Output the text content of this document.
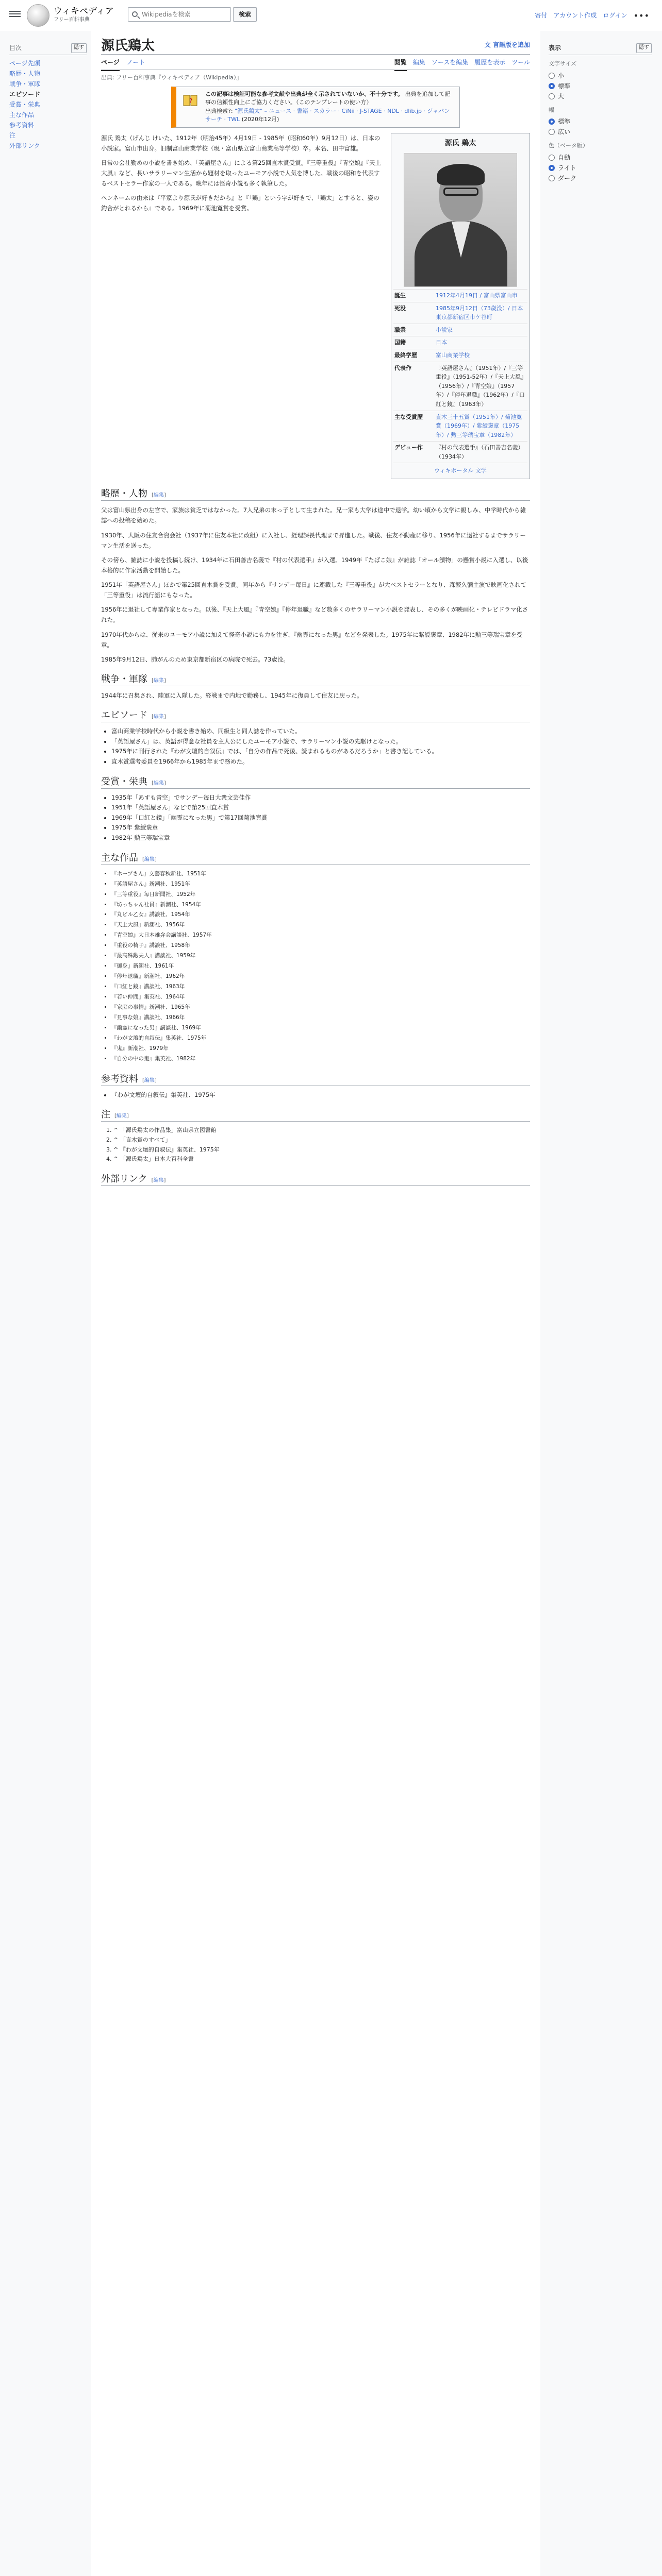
ウィキペディア
フリー百科事典
Wikipediaを検索
検索	寄付 アカウント作成 ログイン •••
目次	隠す
ページ先頭
略歴・人物
戦争・軍隊
エピソード
受賞・栄典
主な作品
参考資料
注
外部リンク
源氏鶏太	文 言語版を追加
ページ ノート	閲覧 編集 ソースを編集 履歴を表示 ツール
出典: フリー百科事典『ウィキペディア（Wikipedia）』
?
この記事は検証可能な参考文献や出典が全く示されていないか、不十分です。 出典を追加して記事の信頼性向上にご協力ください。（このテンプレートの使い方）
出典検索?: "源氏鶏太" – ニュース · 書籍 · スカラー · CiNii · J-STAGE · NDL · dlib.jp · ジャパンサーチ · TWL (2020年12月)

源氏 鶏太（げんじ けいた、1912年（明治45年）4月19日 - 1985年（昭和60年）9月12日）は、日本の小説家。富山市出身。旧制富山商業学校（現・富山県立富山商業高等学校）卒。本名、田中富雄。

日常の会社勤めの小説を書き始め、「英語屋さん」による第25回直木賞受賞。『三等重役』『青空娘』『天上大風』など、長いサラリーマン生活から題材を取ったユーモア小説で人気を博した。戦後の昭和を代表するベストセラー作家の一人である。晩年には怪奇小説も多く執筆した。

ペンネームの由来は『平家より源氏が好きだから』と『「鶏」という字が好きで、「鶏太」とすると、姿の釣合がとれるから』である。1969年に菊池寛賞を受賞。

源氏 鶏太
誕生	1912年4月19日 / 富山県富山市
死没	1985年9月12日（73歳没）/ 日本 東京都新宿区市ケ谷町
職業	小説家
国籍	日本
最終学歴	富山商業学校
代表作	『英語屋さん』（1951年）/『三等重役』（1951-52年）/『天上大風』（1956年）/『青空娘』（1957年）/『停年退職』（1962年）/『口紅と鏡』（1963年）
主な受賞歴	直木三十五賞（1951年）/ 菊池寛賞（1969年）/ 紫綬褒章（1975年）/ 勲三等瑞宝章（1982年）
デビュー作	『村の代表選手』（石田善吉名義）（1934年）
ウィキポータル 文学
略歴・人物 [編集]

父は富山県出身の左官で、家族は貧乏ではなかった。7人兄弟の末っ子として生まれた。兄一家も大学は途中で退学。幼い頃から文学に親しみ、中学時代から雑誌への投稿を始めた。

1930年、大阪の住友合資会社（1937年に住友本社に改組）に入社し、経理課長代理まで昇進した。戦後、住友不動産に移り、1956年に退社するまでサラリーマン生活を送った。

その傍ら、雑誌に小説を投稿し続け、1934年に石田善吉名義で『村の代表選手』が入選。1949年『たばこ娘』が雑誌「オール讀物」の懸賞小説に入選し、以後本格的に作家活動を開始した。

1951年「英語屋さん」ほかで第25回直木賞を受賞。同年から『サンデー毎日』に連載した『三等重役』が大ベストセラーとなり、森繁久彌主演で映画化されて「三等重役」は流行語にもなった。

1956年に退社して専業作家となった。以後、『天上大風』『青空娘』『停年退職』など数多くのサラリーマン小説を発表し、その多くが映画化・テレビドラマ化された。

1970年代からは、従来のユーモア小説に加えて怪奇小説にも力を注ぎ、『幽霊になった男』などを発表した。1975年に紫綬褒章、1982年に勲三等瑞宝章を受章。

1985年9月12日、肺がんのため東京都新宿区の病院で死去。73歳没。

戦争・軍隊 [編集]

1944年に召集され、陸軍に入隊した。終戦まで内地で勤務し、1945年に復員して住友に戻った。

エピソード [編集]
• 富山商業学校時代から小説を書き始め、同級生と同人誌を作っていた。
• 「英語屋さん」は、英語が得意な社員を主人公にしたユーモア小説で、サラリーマン小説の先駆けとなった。
• 1975年に刊行された『わが文壇的自叙伝』では、「自分の作品で死後、読まれるものがあるだろうか」と書き記している。
• 直木賞選考委員を1966年から1985年まで務めた。
受賞・栄典 [編集]
• 1935年「あすも青空」でサンデー毎日大衆文芸佳作
• 1951年「英語屋さん」などで第25回直木賞
• 1969年「口紅と鏡」「幽霊になった男」で第17回菊池寛賞
• 1975年 紫綬褒章
• 1982年 勲三等瑞宝章
主な作品 [編集]
• 『ホープさん』文藝春秋新社、1951年
• 『英語屋さん』新潮社、1951年
• 『三等重役』毎日新聞社、1952年
• 『坊っちゃん社員』新潮社、1954年
• 『丸ビル乙女』講談社、1954年
• 『天上大風』新潮社、1956年
• 『青空娘』大日本雄弁会講談社、1957年
• 『重役の椅子』講談社、1958年
• 『最高殊勲夫人』講談社、1959年
• 『御身』新潮社、1961年
• 『停年退職』新潮社、1962年
• 『口紅と鏡』講談社、1963年
• 『若い仲間』集英社、1964年
• 『家庭の事情』新潮社、1965年
• 『見事な娘』講談社、1966年
• 『幽霊になった男』講談社、1969年
• 『わが文壇的自叙伝』集英社、1975年
• 『鬼』新潮社、1979年
• 『自分の中の鬼』集英社、1982年
参考資料 [編集]
• 『わが文壇的自叙伝』集英社、1975年
注 [編集]
1. ^ 「源氏鶏太の作品集」富山県立図書館
2. ^ 「直木賞のすべて」
3. ^ 『わが文壇的自叙伝』集英社、1975年
4. ^ 「源氏鶏太」日本大百科全書
外部リンク [編集]
表示	隠す
文字サイズ
小
標準
大
幅
標準
広い
色（ベータ版）
自動
ライト
ダーク
